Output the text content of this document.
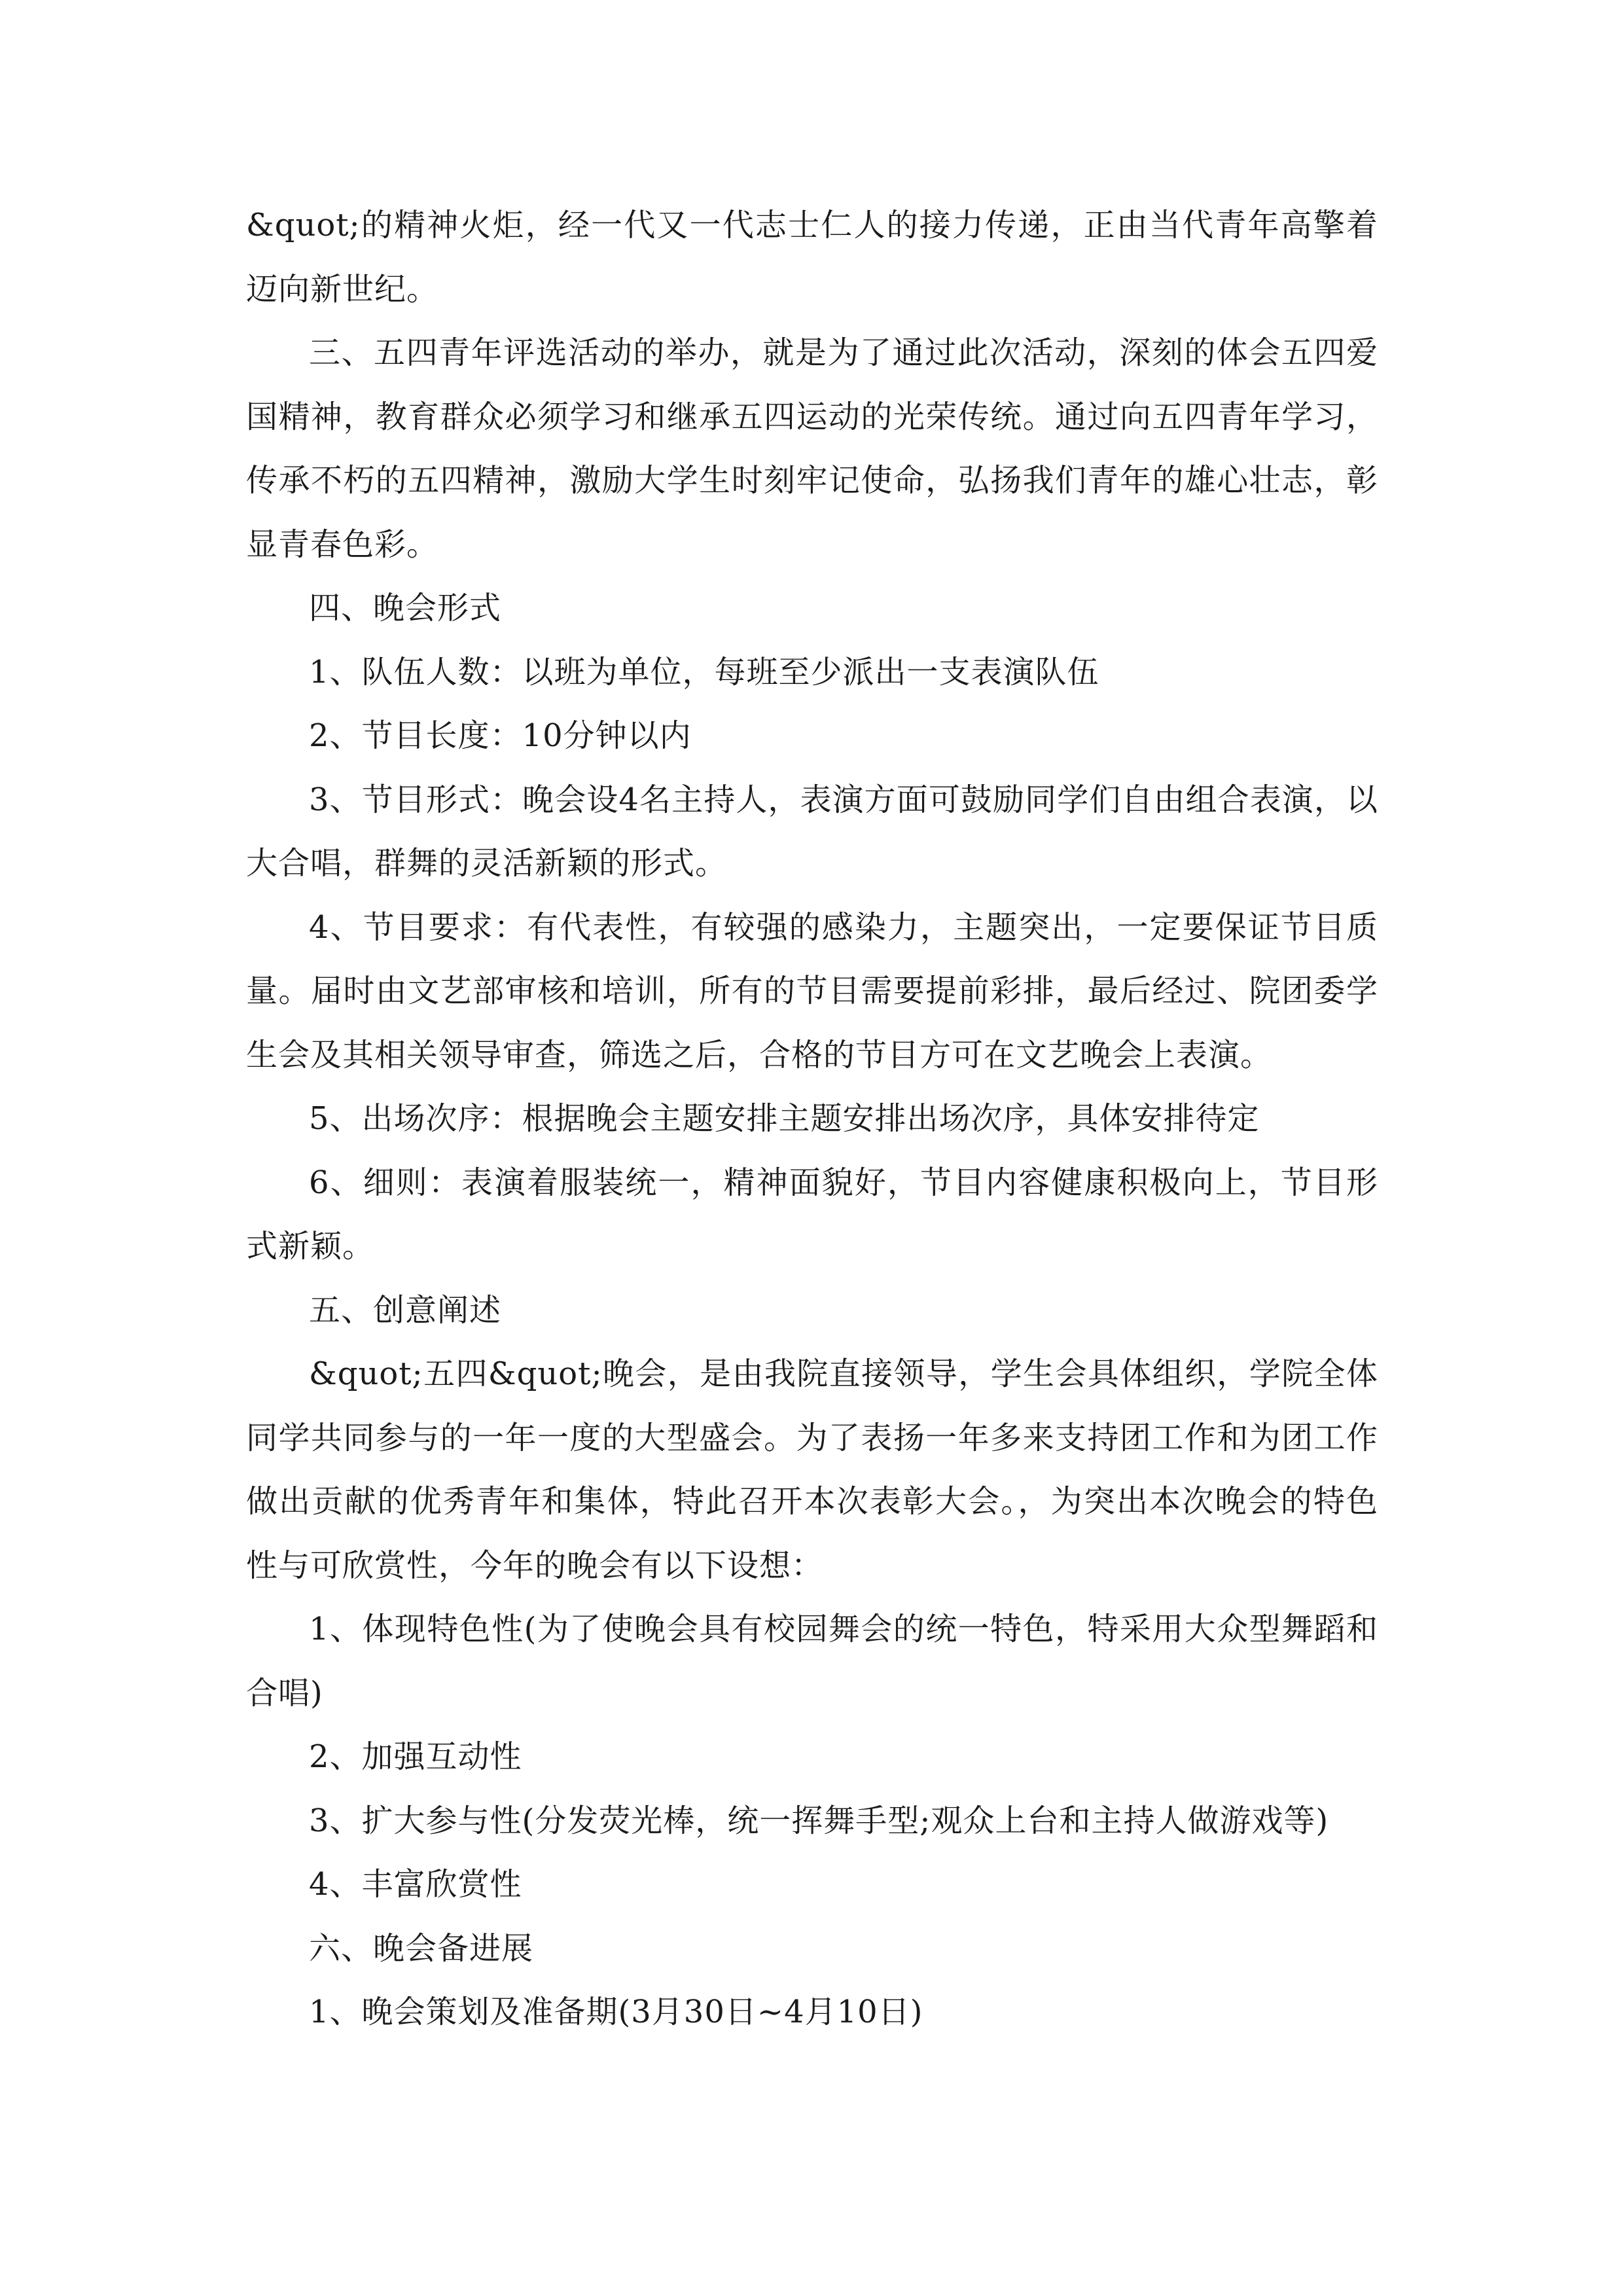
&quot;的精神火炬，经一代又一代志士仁人的接力传递，正由当代青年高擎着迈向新世纪。

三、五四青年评选活动的举办，就是为了通过此次活动，深刻的体会五四爱国精神，教育群众必须学习和继承五四运动的光荣传统。通过向五四青年学习，传承不朽的五四精神，激励大学生时刻牢记使命，弘扬我们青年的雄心壮志，彰显青春色彩。

四、晚会形式

1、队伍人数：以班为单位，每班至少派出一支表演队伍

2、节目长度：10分钟以内

3、节目形式：晚会设4名主持人，表演方面可鼓励同学们自由组合表演，以大合唱，群舞的灵活新颖的形式。

4、节目要求：有代表性，有较强的感染力，主题突出，一定要保证节目质量。届时由文艺部审核和培训，所有的节目需要提前彩排，最后经过、院团委学生会及其相关领导审查，筛选之后，合格的节目方可在文艺晚会上表演。

5、出场次序：根据晚会主题安排主题安排出场次序，具体安排待定

6、细则：表演着服装统一，精神面貌好，节目内容健康积极向上，节目形式新颖。

五、创意阐述

&quot;五四&quot;晚会，是由我院直接领导，学生会具体组织，学院全体同学共同参与的一年一度的大型盛会。为了表扬一年多来支持团工作和为团工作做出贡献的优秀青年和集体，特此召开本次表彰大会。，为突出本次晚会的特色性与可欣赏性，今年的晚会有以下设想：

1、体现特色性(为了使晚会具有校园舞会的统一特色，特采用大众型舞蹈和合唱)

2、加强互动性

3、扩大参与性(分发荧光棒，统一挥舞手型;观众上台和主持人做游戏等)

4、丰富欣赏性

六、晚会备进展

1、晚会策划及准备期(3月30日~4月10日)
